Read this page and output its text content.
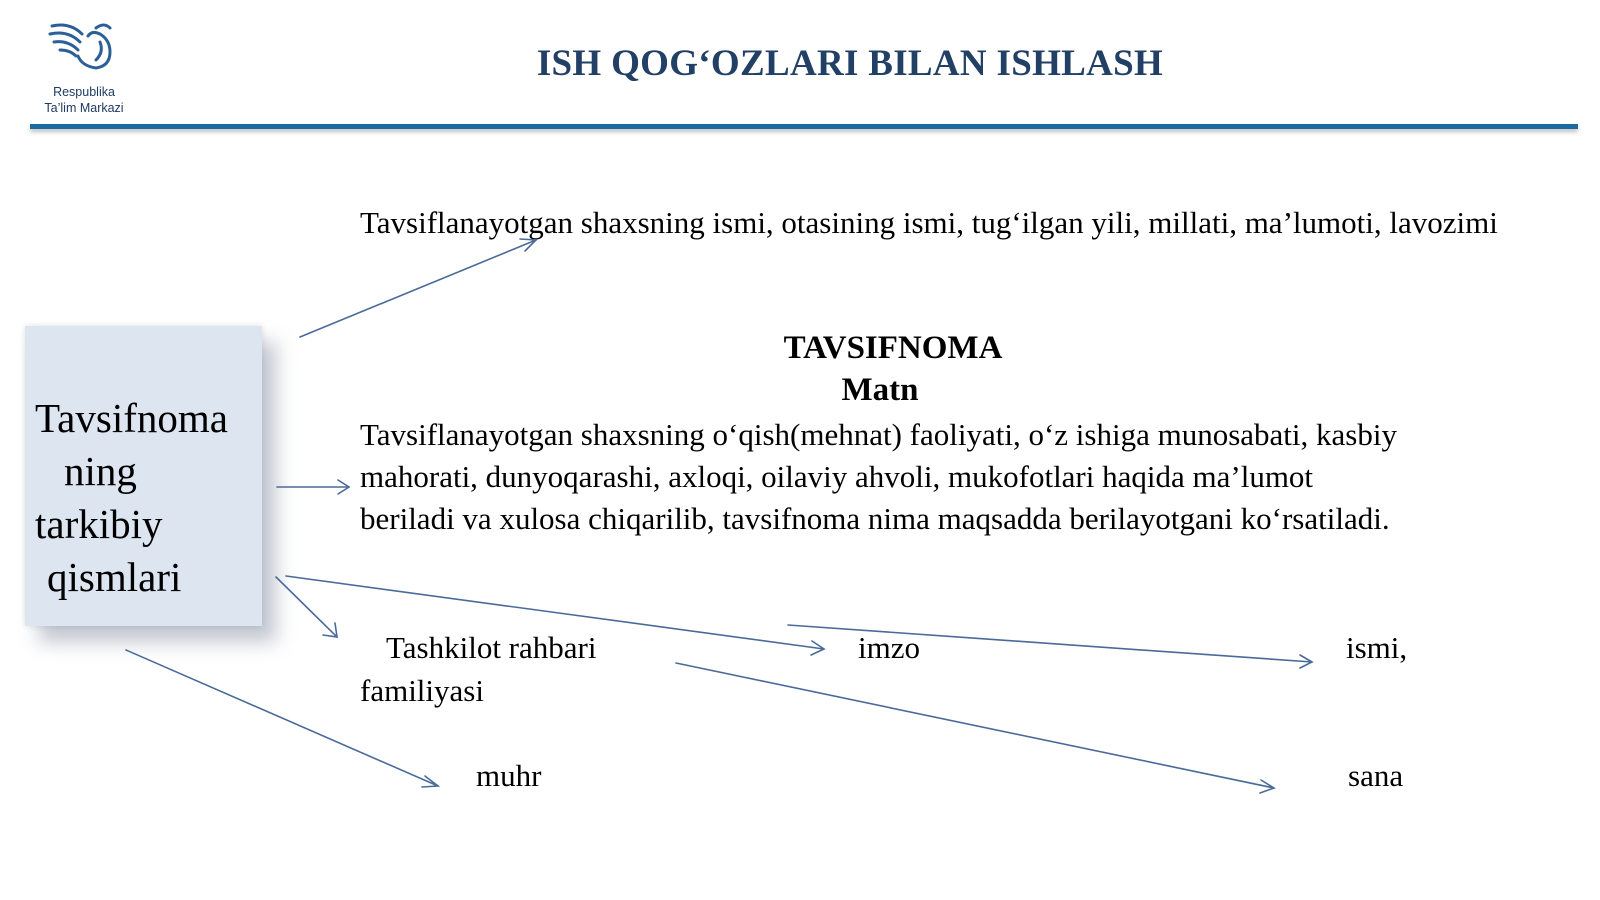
Respublika
Ta’lim Markazi
ISH QOG‘OZLARI BILAN ISHLASH
Tavsifnoma
ning
tarkibiy
qismlari
Tavsiflanayotgan shaxsning ismi, otasining ismi, tug‘ilgan yili, millati, ma’lumoti, lavozimi
TAVSIFNOMA
Matn
Tavsiflanayotgan shaxsning o‘qish(mehnat) faoliyati, o‘z ishiga munosabati, kasbiy
mahorati, dunyoqarashi, axloqi, oilaviy ahvoli, mukofotlari haqida ma’lumot
beriladi va xulosa chiqarilib, tavsifnoma nima maqsadda berilayotgani ko‘rsatiladi.
Tashkilot rahbari	imzo	ismi,
familiyasi
muhr	sana
